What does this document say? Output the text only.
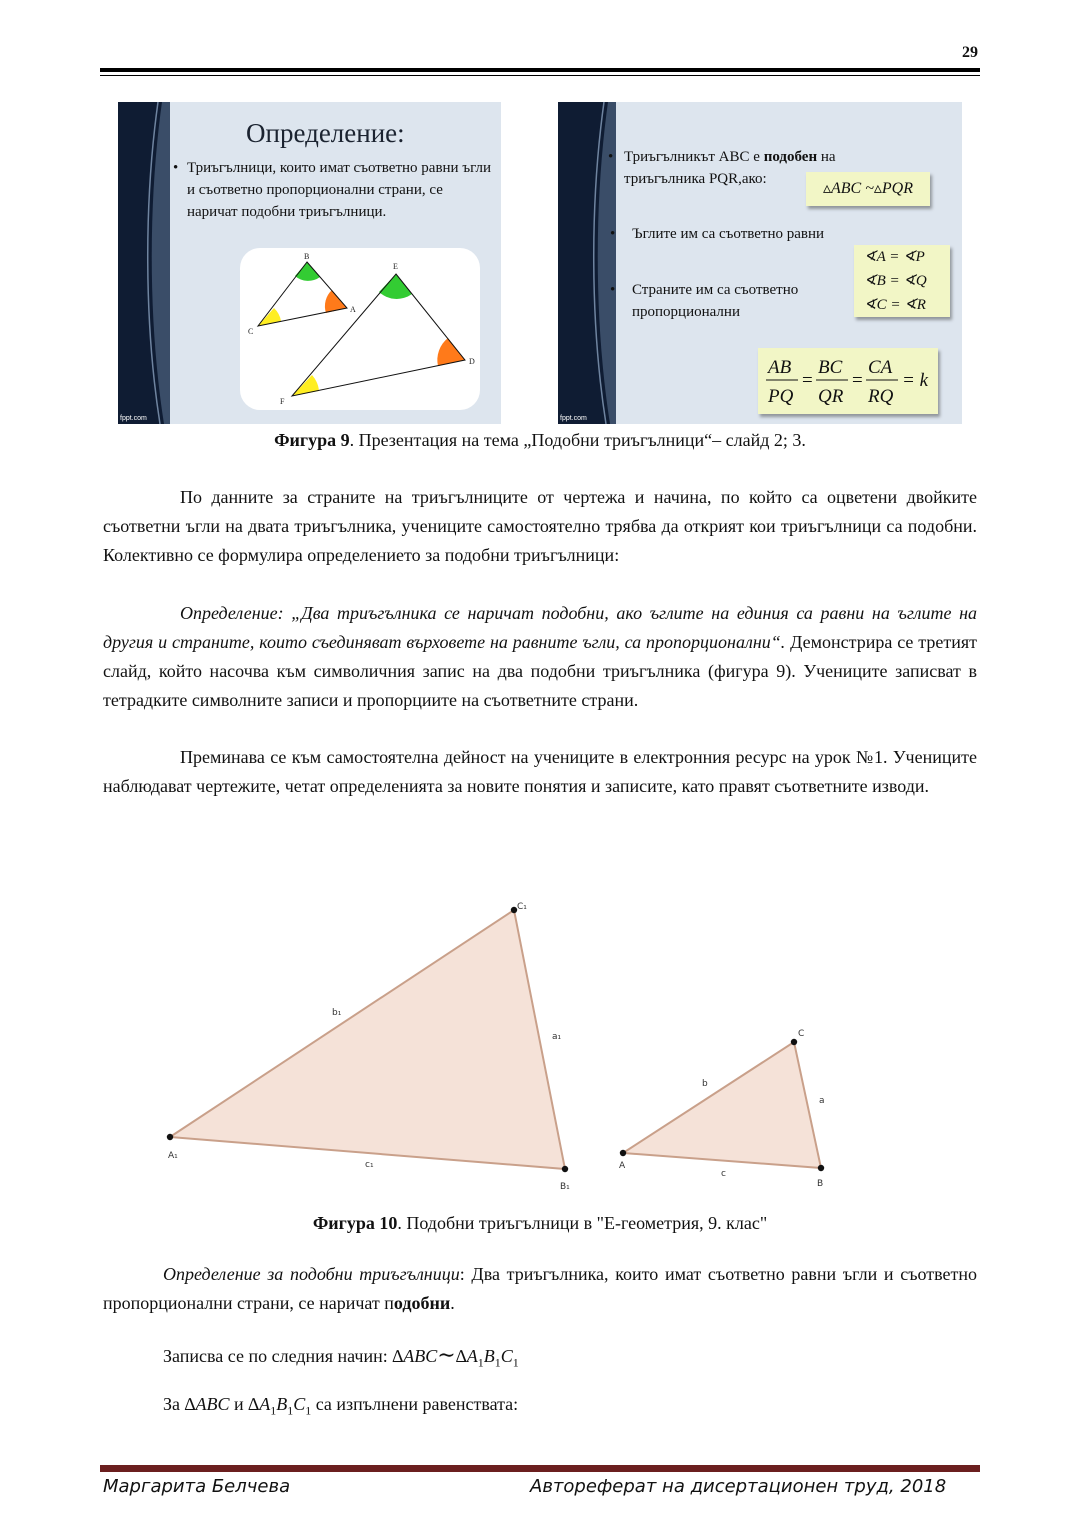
29
fppt.com
Определение:
• Триъгълници, които имат съответно равни ъгли и съответно пропорционални страни, се наричат подобни триъгълници.
B
A
C
E
D
F
fppt.com
• Триъгълникът ABC е подобен на
триъгълника PQR,ако:
▵ABC ~▵PQR
• Ъглите им са съответно равни
∢A = ∢P
∢B = ∢Q
∢C = ∢R
• Страните им са съответно
пропорционални
AB
PQ
=
BC
QR
=
CA
RQ
= k
Фигура 9. Презентация на тема „Подобни триъгълници“– слайд 2; 3.
По данните за страните на триъгълниците от чертежа и начина, по който са оцветени двойките съответни ъгли на двата триъгълника, учениците самостоятелно трябва да открият кои триъгълници са подобни. Колективно се формулира определението за подобни триъгълници:
Определение: „Два триъгълника се наричат подобни, ако ъглите на единия са равни на ъглите на другия и страните, които съединяват върховете на равните ъгли, са пропорционални“. Демонстрира се третият слайд, който насочва към символичния запис на два подобни триъгълника (фигура 9). Учениците записват в тетрадките символните записи и пропорциите на съответните страни.
Преминава се към самостоятелна дейност на учениците в електронния ресурс на урок №1. Учениците наблюдават чертежите, четат определенията за новите понятия и записите, като правят съответните изводи.
A₁
C₁
B₁
b₁
a₁
c₁	A
C
B
b
a
c
Фигура 10. Подобни триъгълници в "Е-геометрия, 9. клас"
Определение за подобни триъгълници: Два триъгълника, които имат съответно равни ъгли и съответно пропорционални страни, се наричат подобни.
Записва се по следния начин: $\Delta ABC\sim\Delta A_1B_1C_1$
За ∆ABC и $\Delta A_1B_1C_1$ са изпълнени равенствата:
Маргарита Белчева	Автореферат на дисертационен труд, 2018
